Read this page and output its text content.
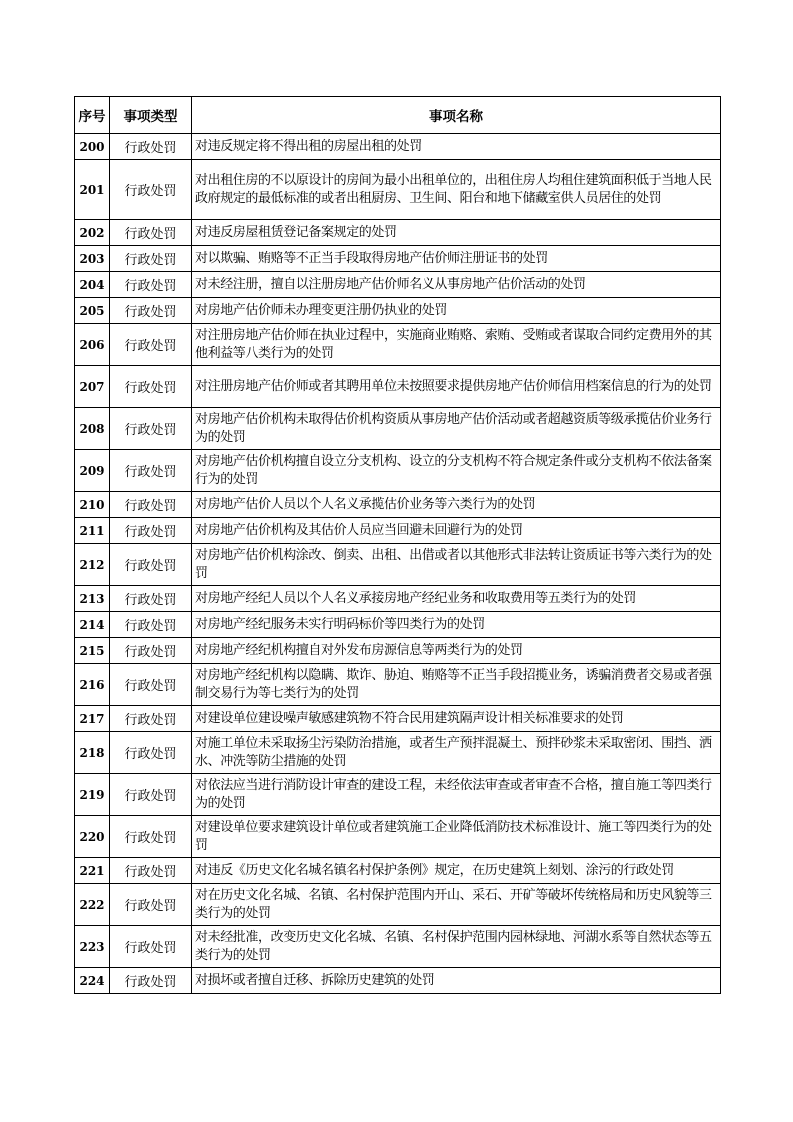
序号	事项类型	事项名称
200	行政处罚	对违反规定将不得出租的房屋出租的处罚
201	行政处罚	对出租住房的不以原设计的房间为最小出租单位的，出租住房人均租住建筑面积低于当地人民政府规定的最低标准的或者出租厨房、卫生间、阳台和地下储藏室供人员居住的处罚
202	行政处罚	对违反房屋租赁登记备案规定的处罚
203	行政处罚	对以欺骗、贿赂等不正当手段取得房地产估价师注册证书的处罚
204	行政处罚	对未经注册，擅自以注册房地产估价师名义从事房地产估价活动的处罚
205	行政处罚	对房地产估价师未办理变更注册仍执业的处罚
206	行政处罚	对注册房地产估价师在执业过程中，实施商业贿赂、索贿、受贿或者谋取合同约定费用外的其他利益等八类行为的处罚
207	行政处罚	对注册房地产估价师或者其聘用单位未按照要求提供房地产估价师信用档案信息的行为的处罚
208	行政处罚	对房地产估价机构未取得估价机构资质从事房地产估价活动或者超越资质等级承揽估价业务行为的处罚
209	行政处罚	对房地产估价机构擅自设立分支机构、设立的分支机构不符合规定条件或分支机构不依法备案行为的处罚
210	行政处罚	对房地产估价人员以个人名义承揽估价业务等六类行为的处罚
211	行政处罚	对房地产估价机构及其估价人员应当回避未回避行为的处罚
212	行政处罚	对房地产估价机构涂改、倒卖、出租、出借或者以其他形式非法转让资质证书等六类行为的处罚
213	行政处罚	对房地产经纪人员以个人名义承接房地产经纪业务和收取费用等五类行为的处罚
214	行政处罚	对房地产经纪服务未实行明码标价等四类行为的处罚
215	行政处罚	对房地产经纪机构擅自对外发布房源信息等两类行为的处罚
216	行政处罚	对房地产经纪机构以隐瞒、欺诈、胁迫、贿赂等不正当手段招揽业务，诱骗消费者交易或者强制交易行为等七类行为的处罚
217	行政处罚	对建设单位建设噪声敏感建筑物不符合民用建筑隔声设计相关标准要求的处罚
218	行政处罚	对施工单位未采取扬尘污染防治措施，或者生产预拌混凝土、预拌砂浆未采取密闭、围挡、洒水、冲洗等防尘措施的处罚
219	行政处罚	对依法应当进行消防设计审查的建设工程，未经依法审查或者审查不合格，擅自施工等四类行为的处罚
220	行政处罚	对建设单位要求建筑设计单位或者建筑施工企业降低消防技术标准设计、施工等四类行为的处罚
221	行政处罚	对违反《历史文化名城名镇名村保护条例》规定，在历史建筑上刻划、涂污的行政处罚
222	行政处罚	对在历史文化名城、名镇、名村保护范围内开山、采石、开矿等破坏传统格局和历史风貌等三类行为的处罚
223	行政处罚	对未经批准，改变历史文化名城、名镇、名村保护范围内园林绿地、河湖水系等自然状态等五类行为的处罚
224	行政处罚	对损坏或者擅自迁移、拆除历史建筑的处罚
